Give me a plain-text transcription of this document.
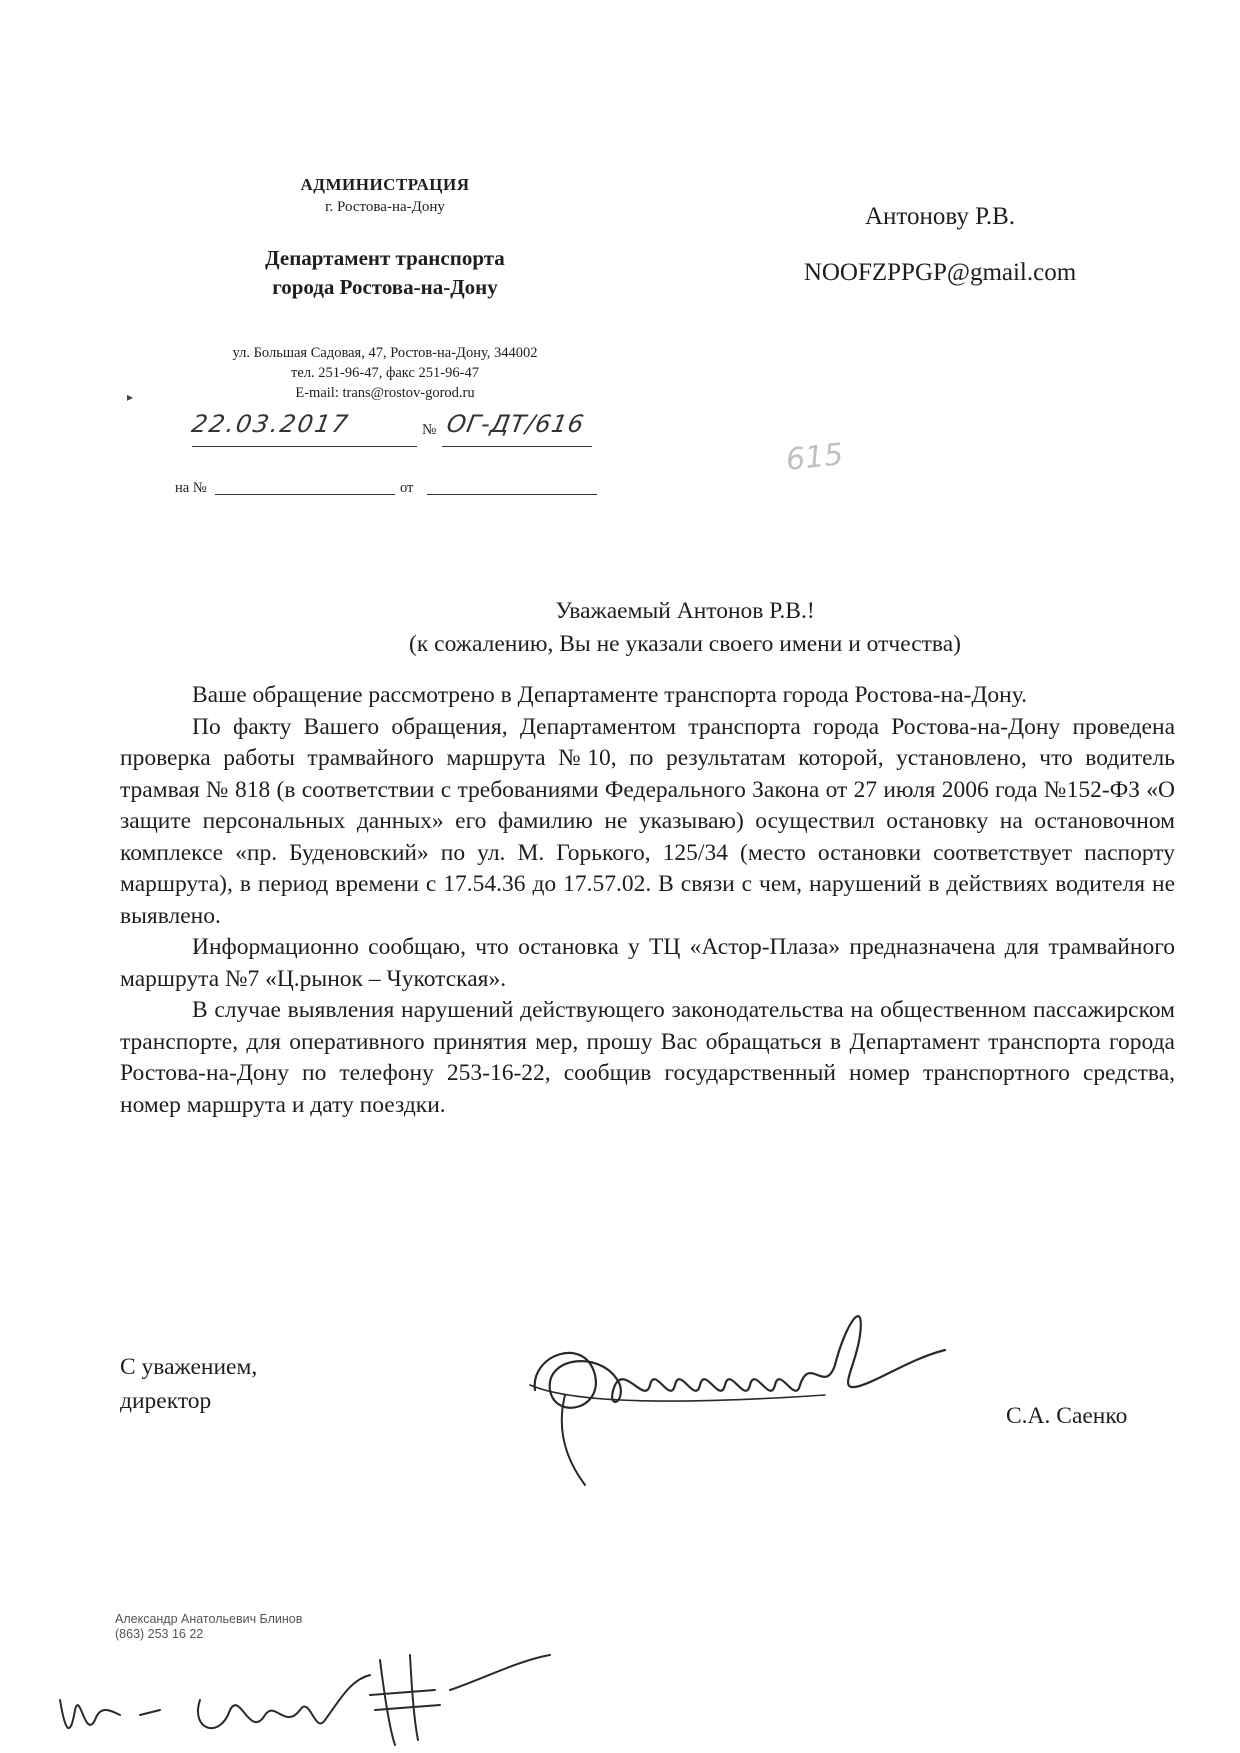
АДМИНИСТРАЦИЯ
г. Ростова-на-Дону
Департамент транспорта
города Ростова-на-Дону
ул. Большая Садовая, 47, Ростов-на-Дону, 344002
тел. 251-96-47, факс 251-96-47
E-mail: trans@rostov-gorod.ru
▸
22.03.2017	№ ОГ-ДТ/616
на №	от
615
Антонову Р.В.
NOOFZPPGP@gmail.com
Уважаемый Антонов Р.В.!
(к сожалению, Вы не указали своего имени и отчества)

Ваше обращение рассмотрено в Департаменте транспорта города Ростова-на-Дону.

По факту Вашего обращения, Департаментом транспорта города Ростова-на-Дону проведена проверка работы трамвайного маршрута №10, по результатам которой, установлено, что водитель трамвая № 818 (в соответствии с требованиями Федерального Закона от 27 июля 2006 года №152-ФЗ «О защите персональных данных» его фамилию не указываю) осуществил остановку на остановочном комплексе «пр. Буденовский» по ул. М. Горького, 125/34 (место остановки соответствует паспорту маршрута), в период времени с 17.54.36 до 17.57.02. В связи с чем, нарушений в действиях водителя не выявлено.

Информационно сообщаю, что остановка у ТЦ «Астор-Плаза» предназначена для трамвайного маршрута №7 «Ц.рынок – Чукотская».

В случае выявления нарушений действующего законодательства на общественном пассажирском транспорте, для оперативного принятия мер, прошу Вас обращаться в Департамент транспорта города Ростова-на-Дону по телефону 253-16-22, сообщив государственный номер транспортного средства, номер маршрута и дату поездки.

С уважением,
директор
С.А. Саенко
Александр Анатольевич Блинов
(863) 253 16 22
